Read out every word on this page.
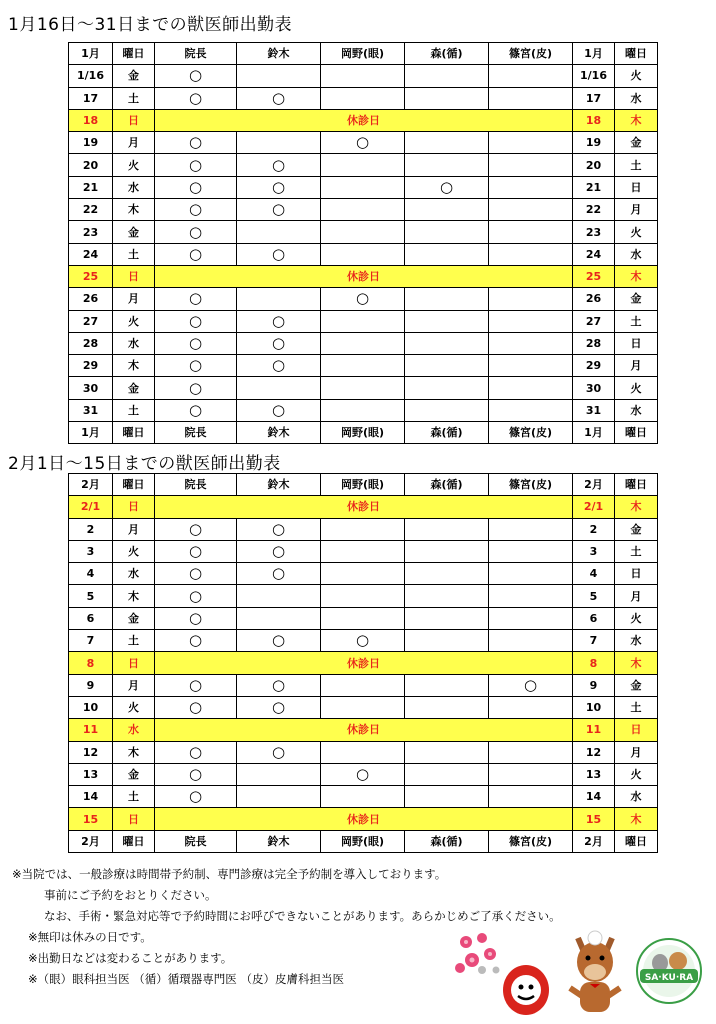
1月16日〜31日までの獣医師出勤表
1月	曜日	院長	鈴木	岡野(眼)	森(循)	篠宮(皮)	1月	曜日
1/16	金	○					1/16	火
17	土	○	○				17	水
18	日	休診日					18	木
19	月	○		○			19	金
20	火	○	○				20	土
21	水	○	○		○		21	日
22	木	○	○				22	月
23	金	○					23	火
24	土	○	○				24	水
25	日	休診日					25	木
26	月	○		○			26	金
27	火	○	○				27	土
28	水	○	○				28	日
29	木	○	○				29	月
30	金	○					30	火
31	土	○	○				31	水
1月	曜日	院長	鈴木	岡野(眼)	森(循)	篠宮(皮)	1月	曜日
2月1日〜15日までの獣医師出勤表
2月	曜日	院長	鈴木	岡野(眼)	森(循)	篠宮(皮)	2月	曜日
2/1	日	休診日					2/1	木
2	月	○	○				2	金
3	火	○	○				3	土
4	水	○	○				4	日
5	木	○					5	月
6	金	○					6	火
7	土	○	○	○			7	水
8	日	休診日					8	木
9	月	○	○			○	9	金
10	火	○	○				10	土
11	水	休診日					11	日
12	木	○	○				12	月
13	金	○		○			13	火
14	土	○					14	水
15	日	休診日					15	木
2月	曜日	院長	鈴木	岡野(眼)	森(循)	篠宮(皮)	2月	曜日
※当院では、一般診療は時間帯予約制、専門診療は完全予約制を導入しております。
事前にご予約をおとりください。
なお、手術・緊急対応等で予約時間にお呼びできないことがあります。あらかじめご了承ください。
※無印は休みの日です。
※出勤日などは変わることがあります。
※（眼）眼科担当医 （循）循環器専門医 （皮）皮膚科担当医	SA·KU·RA
